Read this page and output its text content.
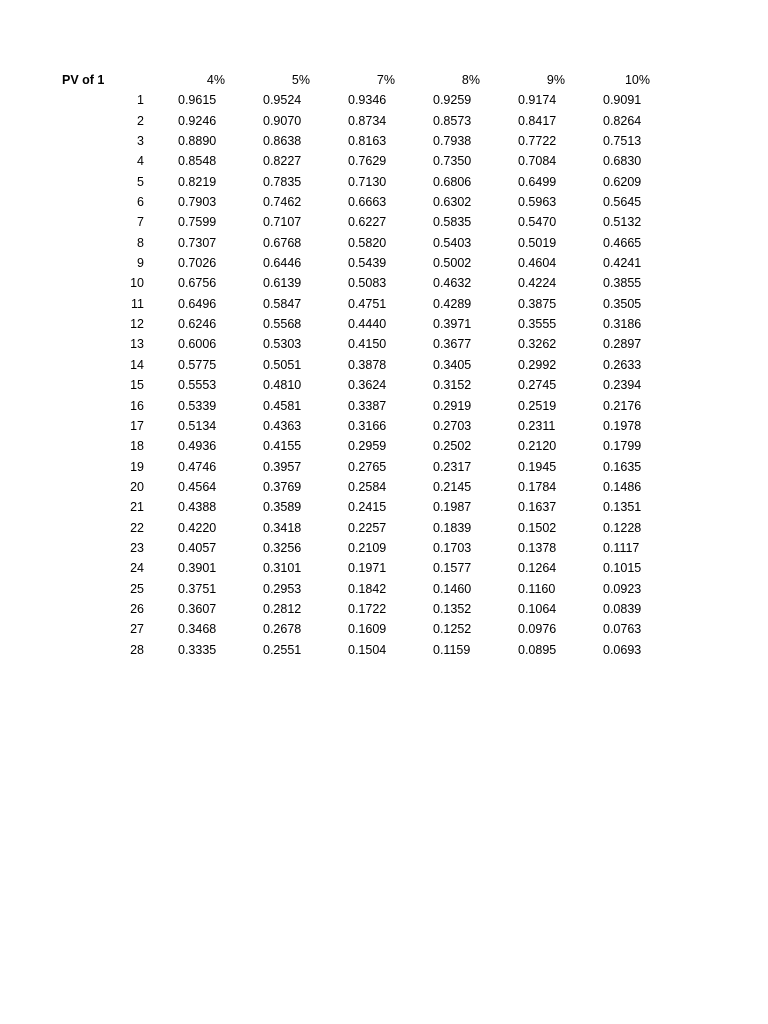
PV of 1	4%	5%	7%	8%	9%	10%
1	0.9615	0.9524	0.9346	0.9259	0.9174	0.9091
2	0.9246	0.9070	0.8734	0.8573	0.8417	0.8264
3	0.8890	0.8638	0.8163	0.7938	0.7722	0.7513
4	0.8548	0.8227	0.7629	0.7350	0.7084	0.6830
5	0.8219	0.7835	0.7130	0.6806	0.6499	0.6209
6	0.7903	0.7462	0.6663	0.6302	0.5963	0.5645
7	0.7599	0.7107	0.6227	0.5835	0.5470	0.5132
8	0.7307	0.6768	0.5820	0.5403	0.5019	0.4665
9	0.7026	0.6446	0.5439	0.5002	0.4604	0.4241
10	0.6756	0.6139	0.5083	0.4632	0.4224	0.3855
11	0.6496	0.5847	0.4751	0.4289	0.3875	0.3505
12	0.6246	0.5568	0.4440	0.3971	0.3555	0.3186
13	0.6006	0.5303	0.4150	0.3677	0.3262	0.2897
14	0.5775	0.5051	0.3878	0.3405	0.2992	0.2633
15	0.5553	0.4810	0.3624	0.3152	0.2745	0.2394
16	0.5339	0.4581	0.3387	0.2919	0.2519	0.2176
17	0.5134	0.4363	0.3166	0.2703	0.2311	0.1978
18	0.4936	0.4155	0.2959	0.2502	0.2120	0.1799
19	0.4746	0.3957	0.2765	0.2317	0.1945	0.1635
20	0.4564	0.3769	0.2584	0.2145	0.1784	0.1486
21	0.4388	0.3589	0.2415	0.1987	0.1637	0.1351
22	0.4220	0.3418	0.2257	0.1839	0.1502	0.1228
23	0.4057	0.3256	0.2109	0.1703	0.1378	0.1117
24	0.3901	0.3101	0.1971	0.1577	0.1264	0.1015
25	0.3751	0.2953	0.1842	0.1460	0.1160	0.0923
26	0.3607	0.2812	0.1722	0.1352	0.1064	0.0839
27	0.3468	0.2678	0.1609	0.1252	0.0976	0.0763
28	0.3335	0.2551	0.1504	0.1159	0.0895	0.0693
